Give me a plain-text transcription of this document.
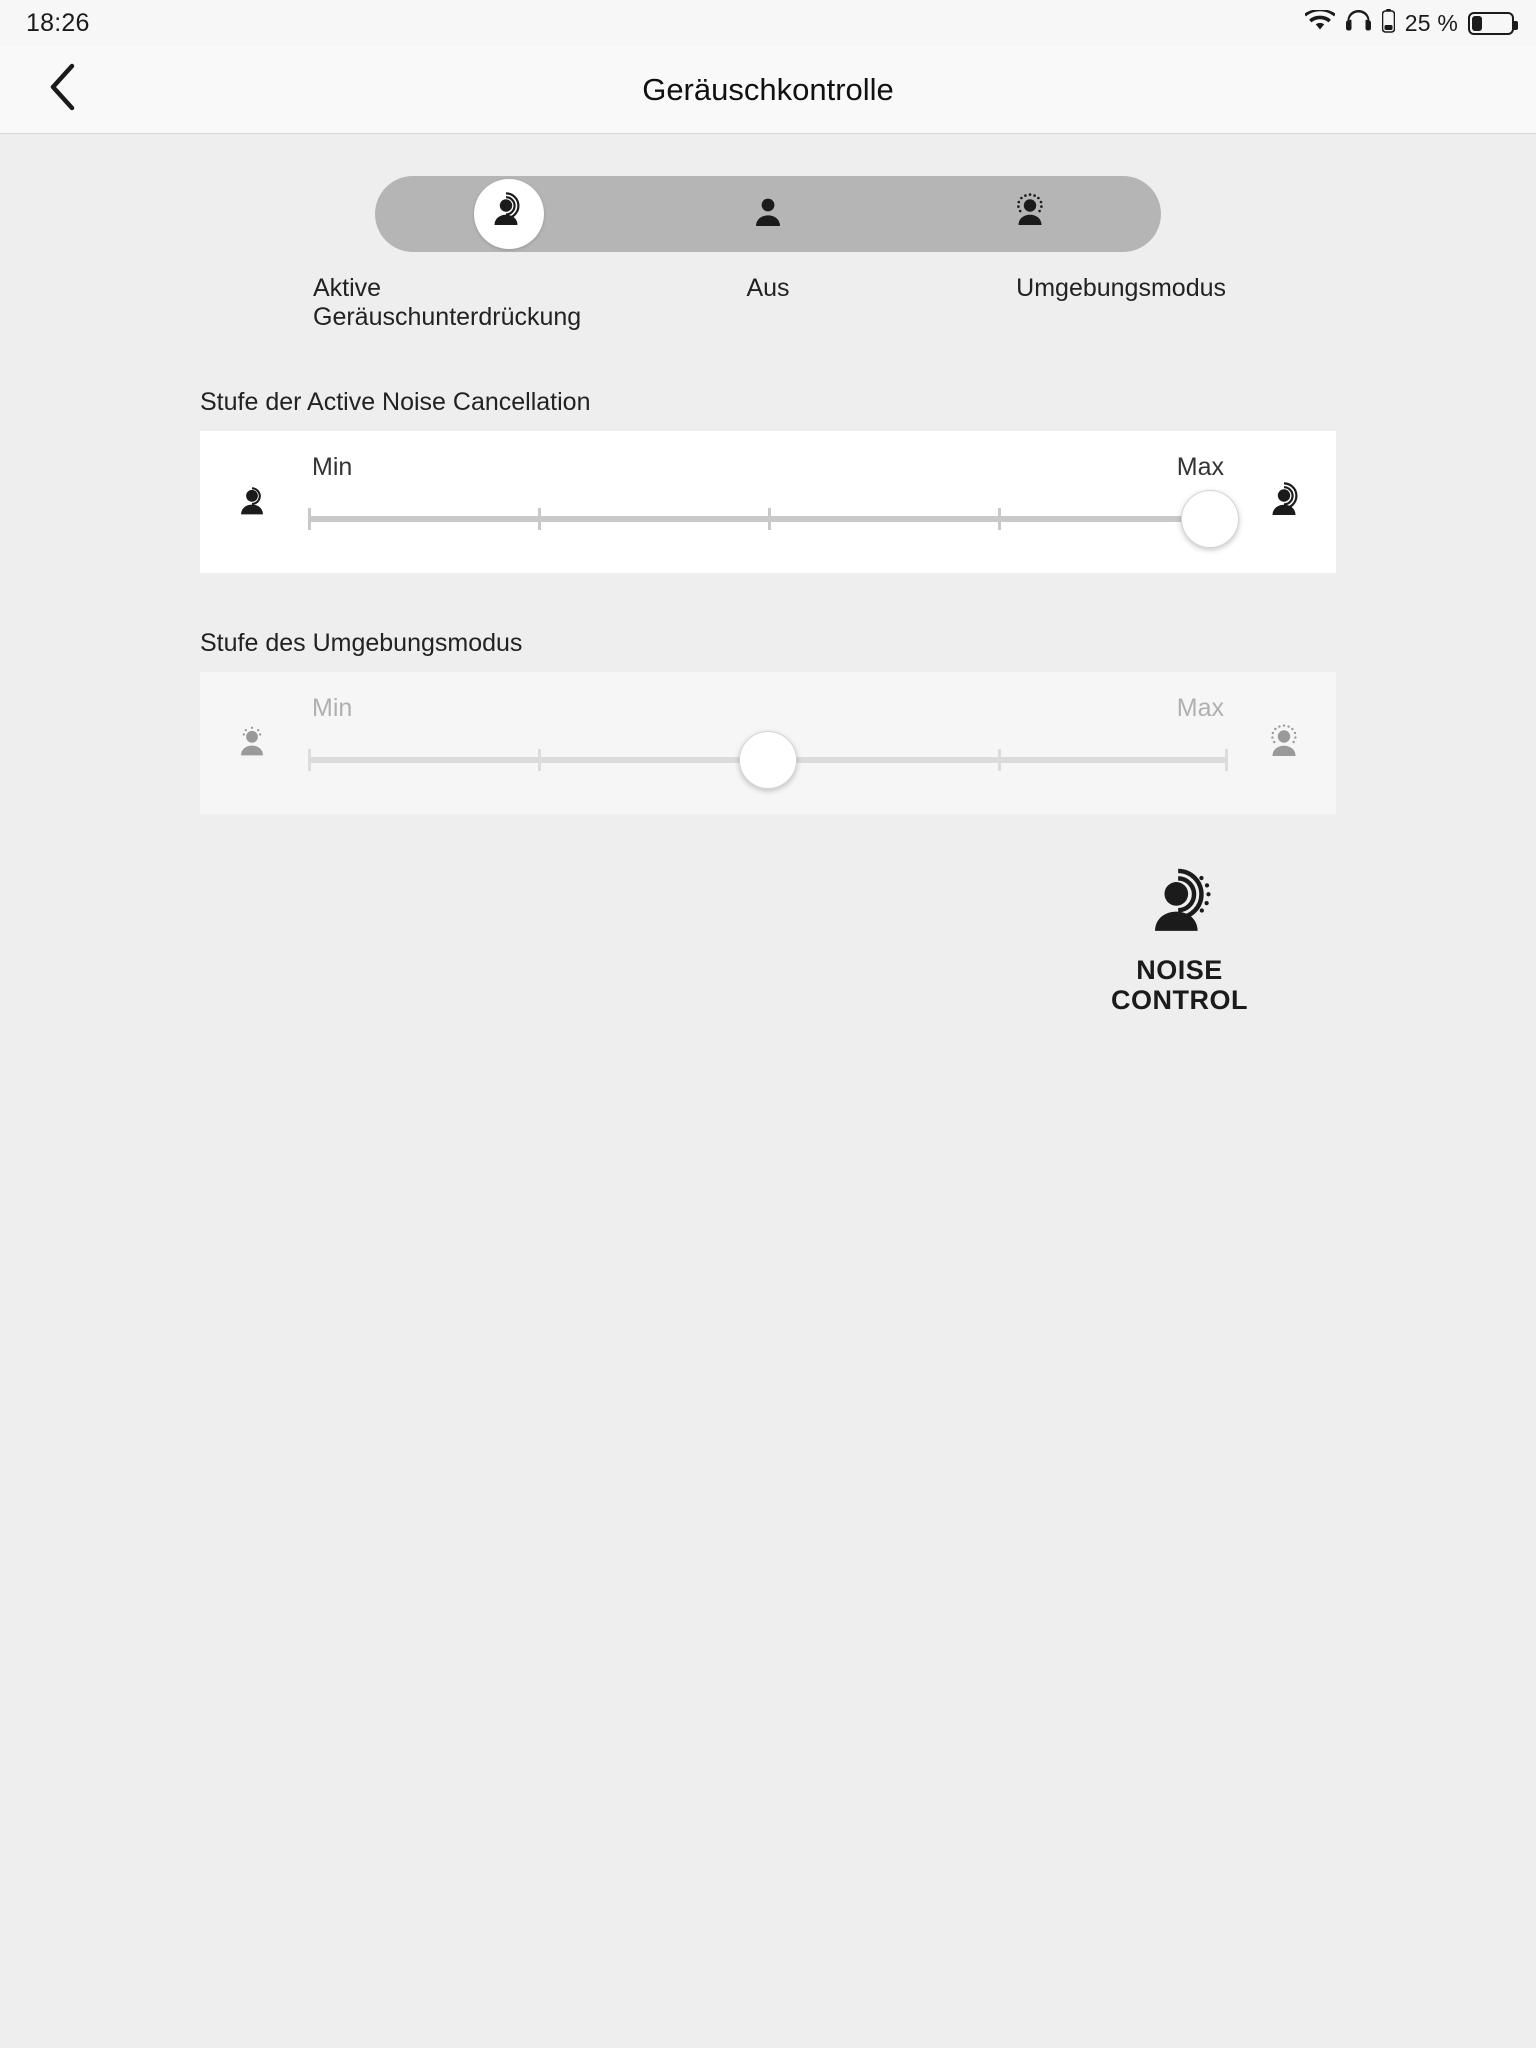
18:26	25 %
Geräuschkontrolle
Aktive Geräuschunterdrückung
Aus	Umgebungsmodus
Stufe der Active Noise Cancellation
Min	Max
Stufe des Umgebungsmodus
Min	Max
NOISE
CONTROL
